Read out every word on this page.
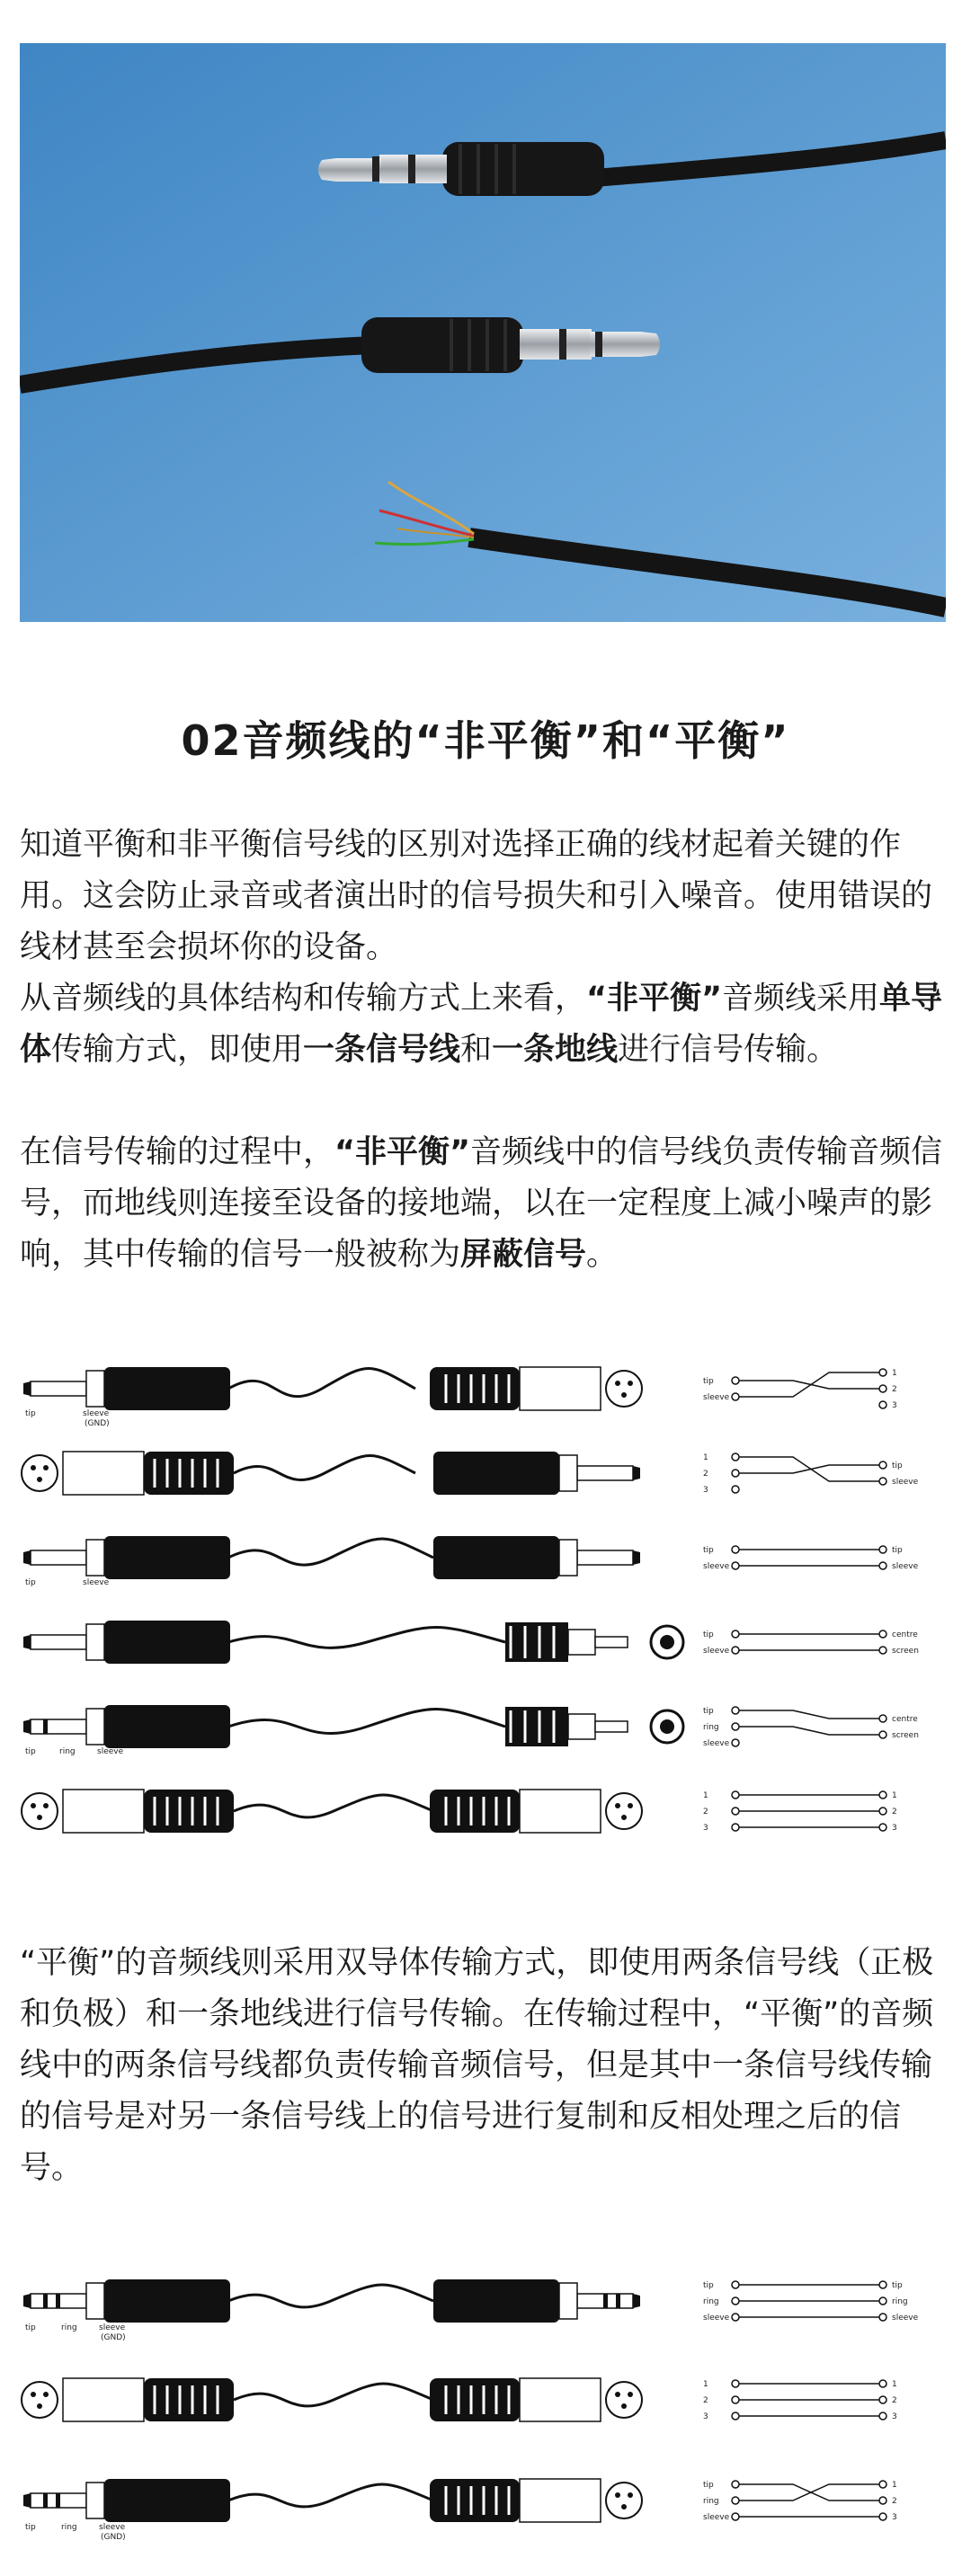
02音频线的“非平衡”和“平衡”

知道平衡和非平衡信号线的区别对选择正确的线材起着关键的作用。这会防止录音或者演出时的信号损失和引入噪音。使用错误的线材甚至会损坏你的设备。

从音频线的具体结构和传输方式上来看，“非平衡”音频线采用单导体传输方式，即使用一条信号线和一条地线进行信号传输。

在信号传输的过程中，“非平衡”音频线中的信号线负责传输音频信号，而地线则连接至设备的接地端，以在一定程度上减小噪声的影响，其中传输的信号一般被称为屏蔽信号。

tip	sleeve
(GND)
tip
sleeve
1
2
3
1
2
3
tip
sleeve
tip	sleeve
tip
sleeve
tip
sleeve
tip
sleeve
centre
screen
tip	ring	sleeve
tip
ring
sleeve
centre
screen
1
2
3
1
2
3

“平衡”的音频线则采用双导体传输方式，即使用两条信号线（正极和负极）和一条地线进行信号传输。在传输过程中，“平衡”的音频线中的两条信号线都负责传输音频信号，但是其中一条信号线传输的信号是对另一条信号线上的信号进行复制和反相处理之后的信号。

tip	ring	sleeve
(GND)
tip
ring
sleeve
tip
ring
sleeve
1
2
3
1
2
3
tip	ring	sleeve
(GND)
tip
ring
sleeve
1
2
3
